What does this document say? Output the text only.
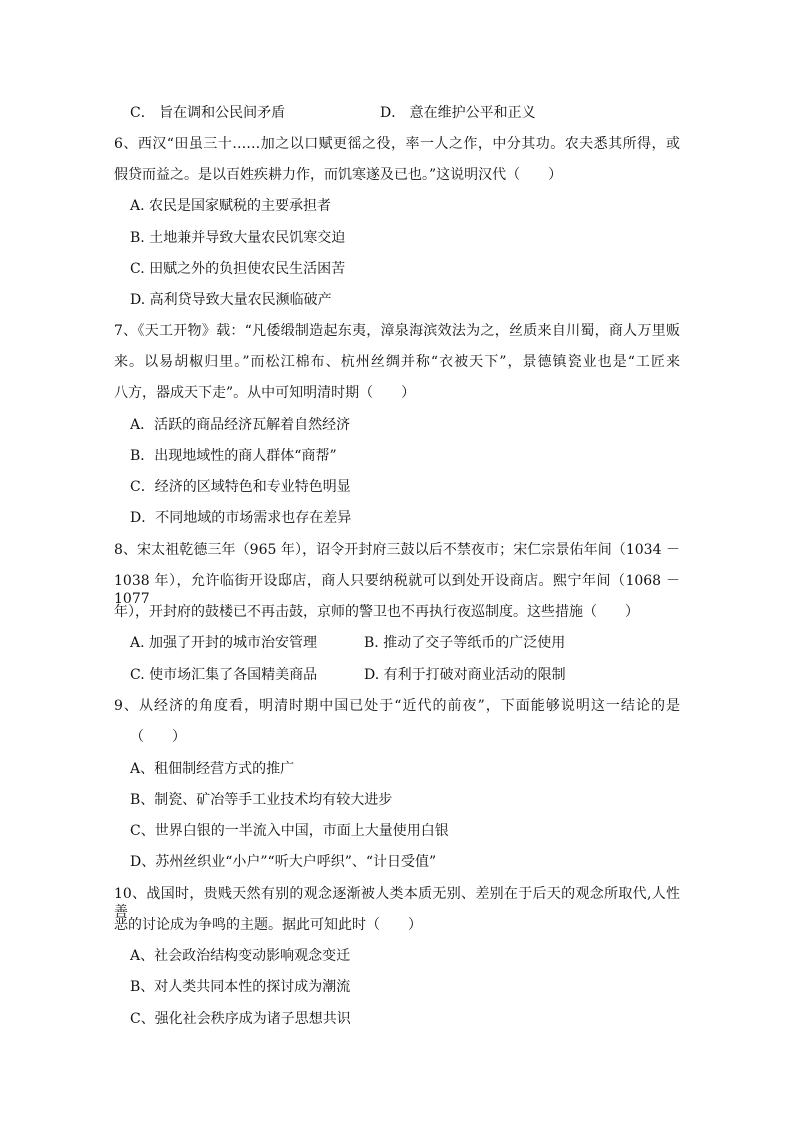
C． 旨在调和公民间矛盾	D． 意在维护公平和正义
6、西汉“田虽三十……加之以口赋更徭之役，率一人之作，中分其功。农夫悉其所得，或
假贷而益之。是以百姓疾耕力作，而饥寒遂及已也。”这说明汉代（　　）
A. 农民是国家赋税的主要承担者
B. 土地兼并导致大量农民饥寒交迫
C. 田赋之外的负担使农民生活困苦
D. 高利贷导致大量农民濒临破产
7、《天工开物》载：“凡倭缎制造起东夷，漳泉海滨效法为之，丝质来自川蜀，商人万里贩
来。以易胡椒归里。”而松江棉布、杭州丝绸并称“衣被天下”，景德镇瓷业也是“工匠来
八方，器成天下走”。从中可知明清时期（　　）
A．活跃的商品经济瓦解着自然经济
B．出现地域性的商人群体“商帮”
C．经济的区域特色和专业特色明显
D．不同地域的市场需求也存在差异
8、宋太祖乾德三年（965 年），诏令开封府三鼓以后不禁夜市；宋仁宗景佑年间（1034 －
1038 年），允许临街开设邸店，商人只要纳税就可以到处开设商店。熙宁年间（1068 － 1077
年），开封府的鼓楼已不再击鼓，京师的警卫也不再执行夜巡制度。这些措施（　　）
A. 加强了开封的城市治安管理	B. 推动了交子等纸币的广泛使用
C. 使市场汇集了各国精美商品	D. 有利于打破对商业活动的限制
9、从经济的角度看，明清时期中国已处于“近代的前夜”，下面能够说明这一结论的是
（　　）
A、租佃制经营方式的推广
B、制瓷、矿冶等手工业技术均有较大进步
C、世界白银的一半流入中国，市面上大量使用白银
D、苏州丝织业“小户”“听大户呼织”、“计日受值”
10、战国时，贵贱天然有别的观念逐渐被人类本质无别、差别在于后天的观念所取代,人性善
恶的讨论成为争鸣的主题。据此可知此时（　　）
A、社会政治结构变动影响观念变迁
B、对人类共同本性的探讨成为潮流
C、强化社会秩序成为诸子思想共识
